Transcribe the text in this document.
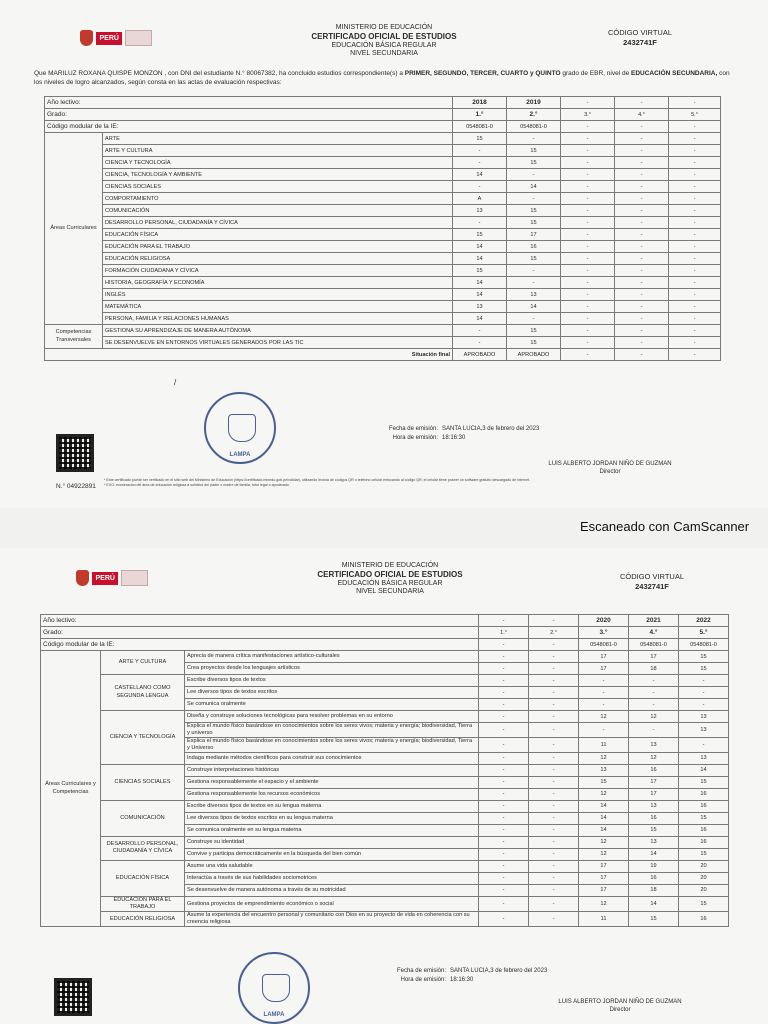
PERÚ
MINISTERIO DE EDUCACIÓN
CERTIFICADO OFICIAL DE ESTUDIOS
EDUCACIÓN BÁSICA REGULAR
NIVEL SECUNDARIA
CÓDIGO VIRTUAL
2432741F
Que MARILUZ ROXANA QUISPE MONZON , con DNI del estudiante N.° 80067382, ha concluido estudios correspondiente(s) a PRIMER, SEGUNDO, TERCER, CUARTO y QUINTO grado de EBR, nivel de EDUCACIÓN SECUNDARIA, con los niveles de logro alcanzados, según consta en las actas de evaluación respectivas:
Año lectivo:		2018	2019	-	-	-
Grado:		1.°	2.°	3.°	4.°	5.°
Código modular de la IE:		0548081-0	0548081-0	-	-	-
Áreas Curriculares	ARTE	15	-	-	-	-
	ARTE Y CULTURA	-	15	-	-	-
	CIENCIA Y TECNOLOGÍA	-	15	-	-	-
	CIENCIA, TECNOLOGÍA Y AMBIENTE	14	-	-	-	-
	CIENCIAS SOCIALES	-	14	-	-	-
	COMPORTAMIENTO	A	-	-	-	-
	COMUNICACIÓN	13	15	-	-	-
	DESARROLLO PERSONAL, CIUDADANÍA Y CÍVICA	-	15	-	-	-
	EDUCACIÓN FÍSICA	15	17	-	-	-
	EDUCACIÓN PARA EL TRABAJO	14	16	-	-	-
	EDUCACIÓN RELIGIOSA	14	15	-	-	-
	FORMACIÓN CIUDADANA Y CÍVICA	15	-	-	-	-
	HISTORIA, GEOGRAFÍA Y ECONOMÍA	14	-	-	-	-
	INGLÉS	14	13	-	-	-
	MATEMÁTICA	13	14	-	-	-
	PERSONA, FAMILIA Y RELACIONES HUMANAS	14	-	-	-	-
Competencias Transversales	GESTIONA SU APRENDIZAJE DE MANERA AUTÓNOMA	-	15	-	-	-
	SE DESENVUELVE EN ENTORNOS VIRTUALES GENERADOS POR LAS TIC	-	15	-	-	-
Situación final		APROBADO	APROBADO	-	-	-
/
LAMPA
Fecha de emisión: SANTA LUCIA,3 de febrero del 2023
Hora de emisión: 18:16:30
LUIS ALBERTO JORDAN NIÑO DE GUZMAN
Director
N.° 04922891
* Este certificado puede ser verificado en el sitio web del Ministerio de Educación (https://certificado.minedu.gob.pe/validar), utilizando lectora de códigos QR o teléfono celular enfocando al código QR; el celular tiene poseer un software gratuito descargado de internet.
* EXO: exoneración del área de educación religiosa a solicitud del padre o madre de familia, tutor legal o apoderado.
Escaneado con CamScanner
PERÚ
MINISTERIO DE EDUCACIÓN
CERTIFICADO OFICIAL DE ESTUDIOS
EDUCACIÓN BÁSICA REGULAR
NIVEL SECUNDARIA
CÓDIGO VIRTUAL
2432741F
Año lectivo:			-	-	2020	2021	2022
Grado:			1.°	2.°	3.°	4.°	5.°
Código modular de la IE:			-	-	0548081-0	0548081-0	0548081-0
Áreas Curriculares y Competencias	ARTE Y CULTURA	Aprecia de manera crítica manifestaciones artístico-culturales	-	-	17	17	15
		Crea proyectos desde los lenguajes artísticos	-	-	17	18	15
	CASTELLANO COMO SEGUNDA LENGUA	Escribe diversos tipos de textos	-	-	-	-	-
		Lee diversos tipos de textos escritos	-	-	-	-	-
		Se comunica oralmente	-	-	-	-	-
	CIENCIA Y TECNOLOGÍA	Diseña y construye soluciones tecnológicas para resolver problemas en su entorno	-	-	12	12	13
		Explica el mundo físico basándose en conocimientos sobre los seres vivos; materia y energía; biodiversidad, Tierra y universo	-	-	-	-	13
		Explica el mundo físico basándose en conocimientos sobre los seres vivos; materia y energía; biodiversidad, Tierra y Universo	-	-	11	13	-
		Indaga mediante métodos científicos para construir sus conocimientos	-	-	12	12	13
	CIENCIAS SOCIALES	Construye interpretaciones históricas	-	-	13	16	14
		Gestiona responsablemente el espacio y el ambiente	-	-	15	17	15
		Gestiona responsablemente los recursos económicos	-	-	12	17	16
	COMUNICACIÓN	Escribe diversos tipos de textos en su lengua materna	-	-	14	13	16
		Lee diversos tipos de textos escritos en su lengua materna	-	-	14	16	15
		Se comunica oralmente en su lengua materna	-	-	14	15	16
	DESARROLLO PERSONAL, CIUDADANÍA Y CÍVICA	Construye su identidad	-	-	12	13	16
		Convive y participa democráticamente en la búsqueda del bien común	-	-	12	14	15
	EDUCACIÓN FÍSICA	Asume una vida saludable	-	-	17	19	20
		Interactúa a través de sus habilidades sociomotrices	-	-	17	16	20
		Se desenvuelve de manera autónoma a través de su motricidad	-	-	17	18	20
	EDUCACIÓN PARA EL TRABAJO	Gestiona proyectos de emprendimiento económico o social	-	-	12	14	15
	EDUCACIÓN RELIGIOSA	Asume la experiencia del encuentro personal y comunitario con Dios en su proyecto de vida en coherencia con su creencia religiosa	-	-	11	15	16
LAMPA
Fecha de emisión: SANTA LUCIA,3 de febrero del 2023
Hora de emisión: 18:16:30
LUIS ALBERTO JORDAN NIÑO DE GUZMAN
Director
